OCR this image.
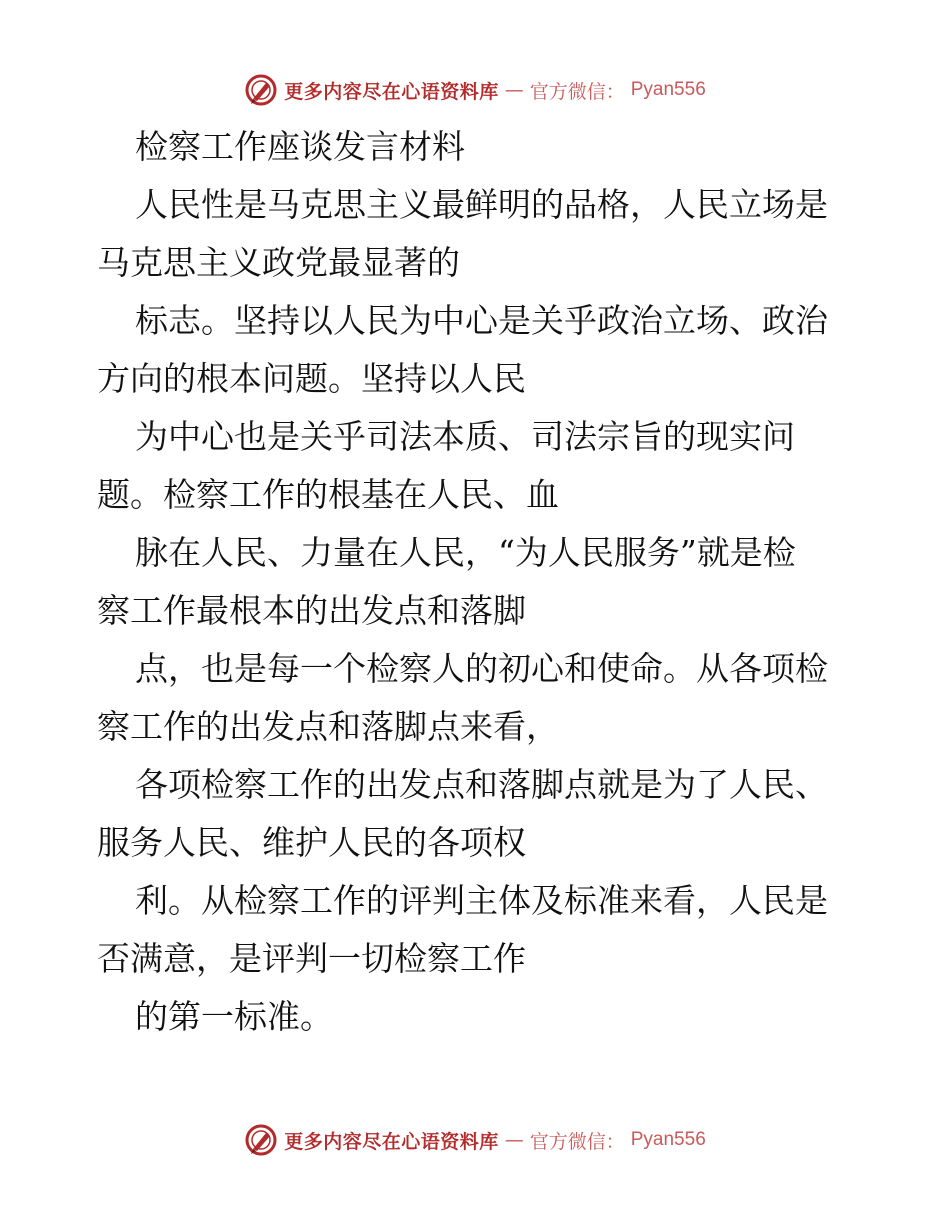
更多内容尽在心语资料库 — 官方微信： Pyan556

检察工作座谈发言材料

人民性是马克思主义最鲜明的品格，人民立场是

马克思主义政党最显著的

标志。坚持以人民为中心是关乎政治立场、政治

方向的根本问题。坚持以人民

为中心也是关乎司法本质、司法宗旨的现实问

题。检察工作的根基在人民、血

脉在人民、力量在人民，“为人民服务”就是检

察工作最根本的出发点和落脚

点，也是每一个检察人的初心和使命。从各项检

察工作的出发点和落脚点来看，

各项检察工作的出发点和落脚点就是为了人民、

服务人民、维护人民的各项权

利。从检察工作的评判主体及标准来看，人民是

否满意，是评判一切检察工作

的第一标准。

更多内容尽在心语资料库 — 官方微信： Pyan556
